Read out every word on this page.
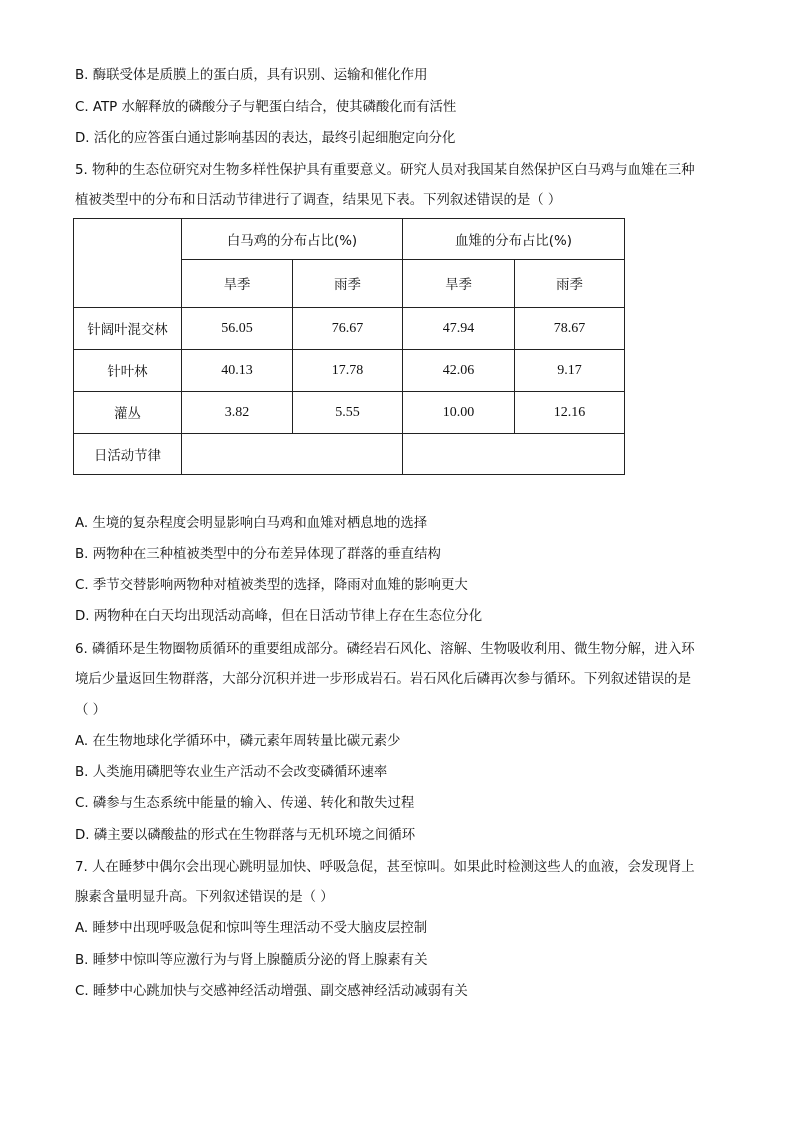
B. 酶联受体是质膜上的蛋白质，具有识别、运输和催化作用
C. ATP 水解释放的磷酸分子与靶蛋白结合，使其磷酸化而有活性
D. 活化的应答蛋白通过影响基因的表达，最终引起细胞定向分化
5. 物种的生态位研究对生物多样性保护具有重要意义。研究人员对我国某自然保护区白马鸡与血雉在三种
植被类型中的分布和日活动节律进行了调查，结果见下表。下列叙述错误的是（ ）
	白马鸡的分布占比(%)		血雉的分布占比(%)	
	旱季	雨季	旱季	雨季
针阔叶混交林	56.05	76.67	47.94	78.67
针叶林	40.13	17.78	42.06	9.17
灌丛	3.82	5.55	10.00	12.16
日活动节律				
A. 生境的复杂程度会明显影响白马鸡和血雉对栖息地的选择
B. 两物种在三种植被类型中的分布差异体现了群落的垂直结构
C. 季节交替影响两物种对植被类型的选择，降雨对血雉的影响更大
D. 两物种在白天均出现活动高峰，但在日活动节律上存在生态位分化
6. 磷循环是生物圈物质循环的重要组成部分。磷经岩石风化、溶解、生物吸收利用、微生物分解，进入环
境后少量返回生物群落，大部分沉积并进一步形成岩石。岩石风化后磷再次参与循环。下列叙述错误的是
（ ）
A. 在生物地球化学循环中，磷元素年周转量比碳元素少
B. 人类施用磷肥等农业生产活动不会改变磷循环速率
C. 磷参与生态系统中能量的输入、传递、转化和散失过程
D. 磷主要以磷酸盐的形式在生物群落与无机环境之间循环
7. 人在睡梦中偶尔会出现心跳明显加快、呼吸急促，甚至惊叫。如果此时检测这些人的血液，会发现肾上
腺素含量明显升高。下列叙述错误的是（ ）
A. 睡梦中出现呼吸急促和惊叫等生理活动不受大脑皮层控制
B. 睡梦中惊叫等应激行为与肾上腺髓质分泌的肾上腺素有关
C. 睡梦中心跳加快与交感神经活动增强、副交感神经活动减弱有关
